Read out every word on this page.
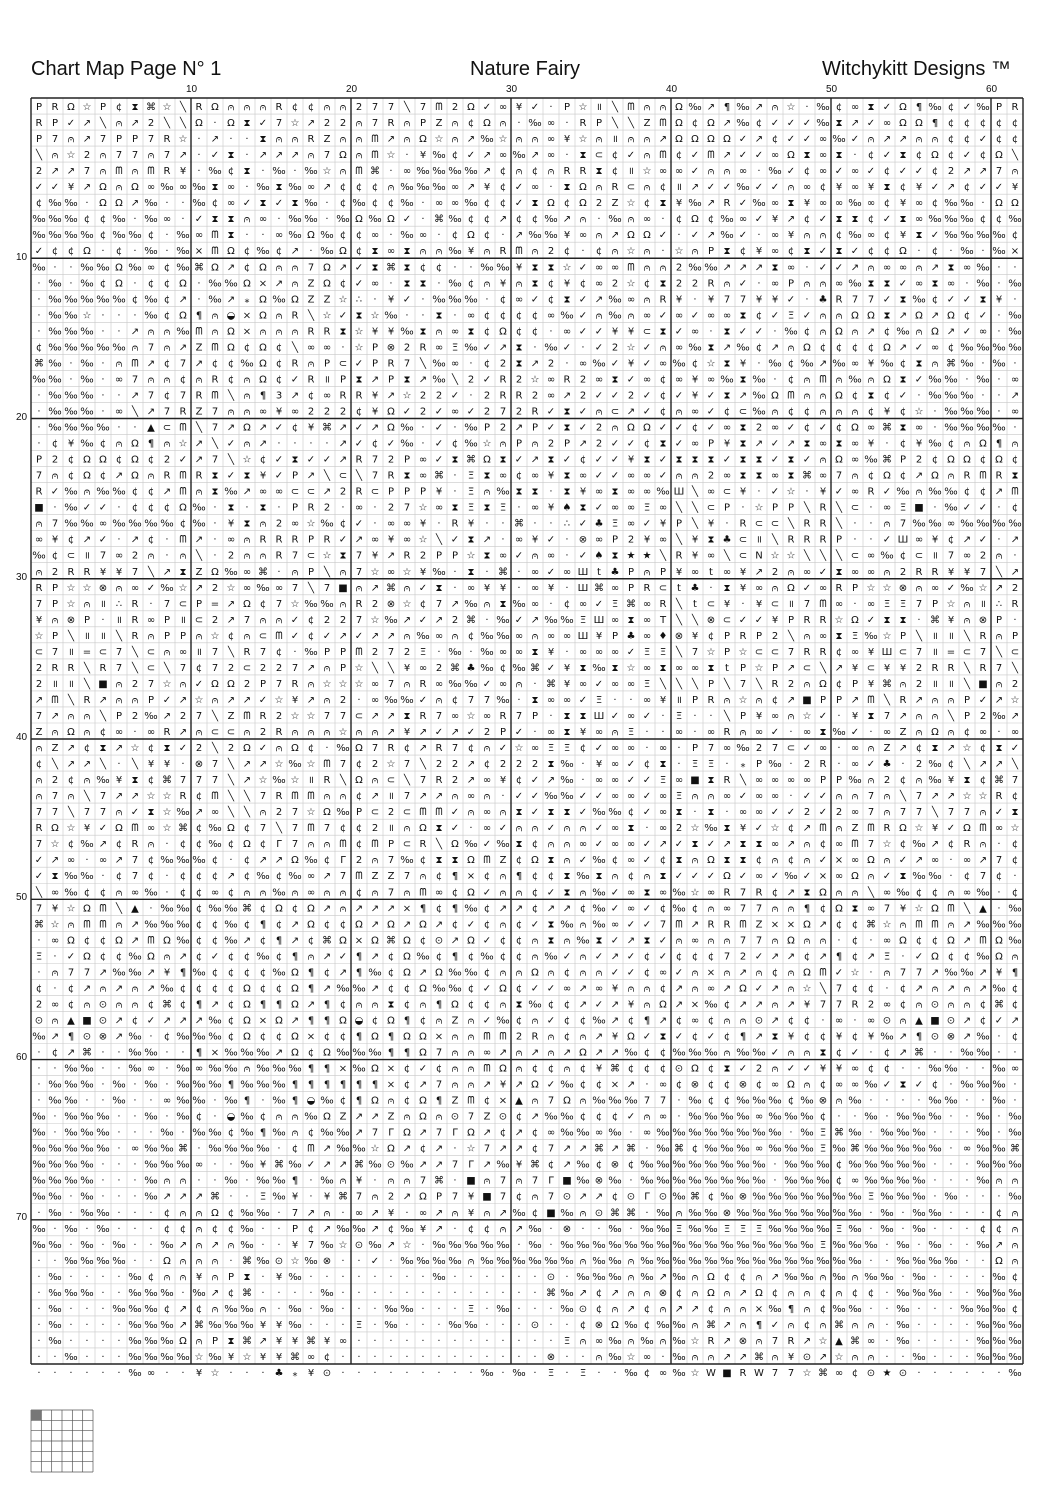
Chart Map Page N° 1	Nature Fairy	Witchykitt Designs ™
10	20	30	40	50	60
10
20
30
40
50
60
70
P R Ω ☆ P ¢ ⧗ ⌘ ☆ ╲ R Ω ⩀ ⩀ ⩀ R ¢ ¢ ⩀ ⩀ 2 7 7 ╲ 7 ᗰ 2 Ω ✓ ∞ ¥ ✓ · P ☆ ॥ ╲ ᗰ ⩀ ⩀ Ω ‰ ↗ ¶ ‰ ↗ ⩀ ☆ · ‰ ¢ ∞ ⧗ ✓ Ω ¶ ‰ ¢ ✓ ‰ P R
R P ✓ ↗ ╲ ⩀ ↗ 2 ╲ ╲ Ω · Ω ⧗ ✓ 7 ☆ ↗ 2 2 ⩀ 7 R ⩀ P Z ⩀ ¢ Ω ⩀ · ‰ ∞ · R P ╲ ╲ Z ᗰ Ω ¢ Ω ↗ ‰ ¢ ✓ ✓ ✓ ‰ ⧗ ↗ ✓ ∞ Ω Ω ¶ ¢ ¢ ¢ ¢ ¢
P 7 ⩀ ↗ 7 P P 7 R ☆ · ↗ · · ⧗ ⩀ ⩀ R Z ⩀ ⩀ ᗰ ↗ ⩀ Ω ☆ ⩀ ↗ ‰ ☆ ⩀ ⩀ ∞ ¥ ☆ ⩀ ॥ ⩀ ⩀ ↗ Ω Ω Ω Ω ✓ ↗ ¢ ✓ ✓ ∞ ‰ ✓ ⩀ ↗ ↗ ⩀ ⩀ ¢ ¢ ✓ ¢ ¢
╲ ⩀ ☆ 2 ⩀ 7 7 ⩀ 7 ↗ · ✓ ⧗ · ↗ ↗ ↗ ⩀ 7 Ω ⩀ ᗰ ☆ · ¥ ‰ ¢ ✓ ↗ ∞ ‰ ↗ ∞ · ⧗ ⊂ ¢ ✓ ⩀ ᗰ ¢ ✓ ᗰ ↗ ✓ ✓ ∞ Ω ⧗ ∞ ⧗ · ¢ ✓ ⧗ ¢ Ω ¢ ✓ ¢ Ω ╲
2 ↗ ↗ 7 ⩀ ᗰ ⩀ ᗰ R ¥ · ‰ ¢ ⧗ · ‰ · ‰ ☆ ⩀ ᗰ ⌘ · ∞ ‰ ‰ ‰ ‰ ↗ ¢ ⩀ ¢ ⩀ R R ⧗ ¢ ॥ ☆ ∞ ∞ ✓ ⩀ ⩀ ∞ · ‰ ✓ ¢ ∞ ✓ ∞ ✓ ¢ ✓ ✓ ¢ 2 ↗ ↗ 7 ⩀
✓ ✓ ¥ ↗ Ω ⩀ Ω ∞ ‰ ∞ ‰ ⧗ ∞ · ‰ ⧗ ‰ ∞ ↗ ¢ ¢ ¢ ⩀ ‰ ‰ ‰ ∞ ↗ ¥ ¢ ✓ ∞ · ⧗ Ω ⩀ R ⊂ ⩀ ¢ ॥ ↗ ✓ ✓ ‰ ✓ ✓ ⩀ ∞ ¢ ¥ ∞ ¥ ⧗ ¢ ¥ ✓ ↗ ¢ ✓ ✓ ¥
¢ ‰ ‰ · Ω Ω ↗ ‰ · · ‰ ¢ ∞ ✓ ⧗ ✓ ⧗ ‰ · ¢ ‰ ¢ ¢ ‰ · ∞ ∞ ‰ ¢ ¢ ✓ ⧗ Ω ¢ Ω 2 Z ☆ ¢ ⧗ ¥ ‰ ↗ R ✓ ‰ ∞ ⧗ ¥ ∞ ∞ ‰ ∞ ¢ ¥ ∞ ¢ ‰ ‰ · Ω Ω
‰ ‰ ‰ ¢ ¢ ‰ · ‰ ∞ · ✓ ⧗ ⧗ ⩀ ∞ · ‰ ‰ · ‰ Ω ‰ Ω ✓ · ⌘ ‰ ¢ ¢ ↗ ¢ ¢ ‰ ↗ ⩀ · ‰ ⩀ ∞ · ¢ Ω ¢ ‰ ∞ ✓ ¥ ↗ ¢ ✓ ⧗ ⧗ ¢ ✓ ⧗ ∞ ‰ ‰ ‰ ¢ ¢ ‰
‰ ‰ ‰ ‰ ¢ ‰ ‰ ¢ · ‰ ∞ ᗰ ⧗ · · ∞ ‰ Ω ‰ ¢ ¢ ∞ · ‰ ∞ · ¢ Ω ¢ · ↗ ‰ ‰ ¥ ∞ ⩀ ↗ Ω Ω ✓ · ✓ ↗ ‰ ✓ · ∞ ¥ ⩀ ⩀ ¢ ‰ ∞ ¢ ¥ ⧗ ✓ ‰ ‰ ‰ ‰ ¢
✓ ¢ ¢ Ω · ¢ · ‰ · ‰ × ᗰ Ω ¢ ‰ ¢ ↗ · ‰ Ω ¢ ⧗ ∞ ⧗ ⩀ ⩀ ‰ ¥ ⩀ R ᗰ ⩀ 2 ¢ · ¢ ⩀ ☆ ⩀ · ☆ ⩀ P ⧗ ¢ ¥ ∞ ¢ ⧗ ✓ ⧗ ✓ ¢ ¢ Ω · ¢ · ‰ · ‰ ×
‰ · · ‰ ‰ Ω ‰ ∞ ¢ ‰ ⌘ Ω ↗ ¢ Ω ⩀ ⩀ 7 Ω ↗ ✓ ⧗ ⌘ ⧗ ¢ ¢ · · ‰ ‰ ¥ ⧗ ⧗ ☆ ✓ ∞ ∞ ᗰ ⩀ ⩀ 2 ‰ ‰ ↗ ↗ ↗ ⧗ ∞ · ✓ ✓ ↗ ⩀ ∞ ∞ ⩀ ↗ ⧗ ∞ ‰ · ·
· ‰ · ‰ ¢ Ω · ¢ ¢ Ω · ‰ ‰ Ω × ↗ ⩀ Z Ω ¢ ✓ ∞ · ⧗ ⧗ · ‰ ¢ ⩀ ¥ ⩀ ⧗ ¢ ¥ ¢ ∞ 2 ☆ ¢ ⧗ 2 2 R ⩀ ✓ · ∞ P ⩀ ⩀ ∞ ‰ ⧗ ⧗ ✓ ∞ ⧗ ∞ · ‰ · ‰
· ‰ ‰ ‰ ‰ ‰ ¢ ‰ ¢ ↗ · ‰ ↗ ⁎ Ω ‰ Ω Z Z ☆ ∴ · ¥ ✓ · ‰ ‰ ‰ · ¢ ∞ ✓ ¢ ⧗ ✓ ↗ ‰ ∞ ⩀ R ¥ · ¥ 7 7 ¥ ¥ ✓ · ♣ R 7 7 ✓ ⧗ ‰ ¢ ✓ ✓ ⧗ ¥ ·
· ‰ ‰ ☆ · · · ‰ ¢ Ω ¶ ⩀ ◒ × Ω ⩀ R ╲ ☆ ✓ ⧗ ☆ ‰ · · ⧗ · ∞ ¢ ¢ ¢ ¢ ∞ ‰ ✓ ⩀ ‰ ⩀ ∞ ✓ ∞ ✓ ∞ ∞ ⧗ ¢ ✓ Ξ ✓ ⩀ ⩀ Ω Ω ⧗ ↗ Ω ↗ Ω ¢ ✓ · ‰
· ‰ ‰ ‰ · · ↗ ⩀ ⩀ ‰ ᗰ ⩀ Ω × ⩀ ⩀ ⩀ R R ⧗ ☆ ¥ ¥ ‰ ⧗ ⩀ ∞ ⧗ ¢ Ω ¢ ¢ · ∞ ✓ ✓ ¥ ¥ ⊂ ⧗ ✓ ∞ · ⧗ ✓ ✓ · ‰ ¢ ⩀ Ω ⩀ ↗ ¢ ‰ ⩀ Ω ↗ ✓ ∞ · ‰
¢ ‰ ‰ ‰ ‰ ‰ ⩀ 7 ⩀ ↗ Z ᗰ Ω ¢ Ω ¢ ╲ ∞ ∞ · ☆ P ⊗ 2 R ∞ Ξ ‰ ✓ ↗ ⧗ · ‰ ✓ · ✓ 2 ☆ ✓ ⩀ ∞ ‰ ⧗ ↗ ‰ ¢ ↗ ⩀ Ω ¢ ¢ ¢ ¢ Ω ↗ ✓ ∞ ¢ ‰ ‰ ‰ ‰
⌘ ‰ · ‰ · ⩀ ᗰ ↗ ¢ 7 ↗ ¢ ¢ ‰ Ω ¢ R ⩀ P ⊂ ✓ P R 7 ╲ ‰ ∞ · ¢ 2 ⧗ ↗ 2 · ∞ ‰ ✓ ¥ ✓ ∞ ‰ ¢ ☆ ⧗ ¥ · ‰ ¢ ‰ ↗ ‰ ∞ ¥ ‰ ¢ ⧗ ⩀ ⌘ ‰ · ‰ ·
‰ ‰ · ‰ · ∞ 7 ⩀ ⩀ ¢ ⩀ R ¢ ⩀ Ω ¢ ✓ R ॥ P ⧗ ↗ P ⧗ ↗ ‰ ╲ 2 ✓ R 2 ☆ ∞ R 2 ∞ ⧗ ✓ ∞ ¢ ∞ ¥ ∞ ‰ ⧗ ‰ · ¢ ⩀ ᗰ ⩀ ‰ ⩀ Ω ⧗ ✓ ‰ ‰ · ‰ · ∞
· ‰ ‰ ‰ · · ↗ 7 ¢ 7 R ᗰ ╲ ⩀ ¶ 3 ↗ ¢ ∞ R R ¥ ↗ ☆ 2 2 ✓ · 2 R R 2 ∞ ↗ 2 ✓ ✓ 2 ✓ ¢ ✓ ¥ ✓ ⧗ ↗ ‰ Ω ᗰ ⩀ ⩀ Ω ¢ ⧗ ¢ ✓ · ‰ ‰ ‰ · · ↗
· ‰ ‰ ‰ · ∞ ╲ ↗ 7 R Z 7 ⩀ ⩀ ∞ ¥ ∞ 2 2 2 ¢ ¥ Ω ✓ 2 ✓ ∞ ✓ 2 7 2 R ✓ ⧗ ✓ ⩀ ⊂ ↗ ✓ ¢ ⩀ ∞ ✓ ¢ ⊂ ‰ ⩀ ¢ ¢ ⩀ ⩀ ⩀ ¢ ¥ ¢ ☆ · ‰ ‰ ‰ · ∞
· ‰ ‰ ‰ ‰ · · ▲ ⊂ ᗰ ╲ 7 ↗ Ω ↗ ✓ ¢ ¥ ⌘ ↗ ✓ ↗ Ω ‰ · ✓ · ‰ P 2 ↗ P ✓ ⧗ ✓ 2 ⩀ Ω Ω ✓ ✓ ¢ ✓ ∞ ⧗ 2 ∞ ✓ ¢ ✓ ¢ Ω ∞ ⌘ ⧗ ∞ · ‰ ‰ ‰ ‰ ·
· ¢ ¥ ‰ ¢ ⩀ Ω ¶ ⩀ ☆ ↗ ╲ ✓ ⩀ ↗ · · · · ↗ ✓ ¢ ✓ ‰ · ✓ ¢ ‰ ☆ ⩀ P ⩀ 2 P ↗ 2 ✓ ✓ ¢ ⧗ ✓ ∞ P ¥ ⧗ ↗ ✓ ↗ ⧗ ∞ ⧗ ∞ ¥ · ¢ ¥ ‰ ¢ ⩀ Ω ¶ ⩀
P 2 ¢ Ω Ω ¢ Ω ¢ 2 ✓ ↗ 7 ╲ ☆ ¢ ✓ ⧗ ✓ ✓ ↗ R 7 2 P ∞ ✓ ⧗ ⌘ Ω ⧗ ✓ ↗ ⧗ ✓ ¢ ✓ ✓ ¥ ⧗ ✓ ⧗ ⧗ ⧗ ✓ ⧗ ⧗ ✓ ⧗ ✓ ⩀ Ω ∞ ‰ ⌘ P 2 ¢ Ω Ω ¢ Ω ¢
7 ⩀ ¢ Ω ¢ ↗ Ω ⩀ R ᗰ R ⧗ ✓ ⧗ ¥ ✓ P ↗ ╲ ⊂ ╲ 7 R ⧗ ∞ ⌘ · Ξ ⧗ ∞ ¢ ∞ ¥ ⧗ ∞ ✓ ✓ ∞ ∞ ✓ ⩀ ⩀ 2 ∞ ⧗ ⧗ ∞ ⧗ ⌘ ∞ 7 ⩀ ¢ Ω ¢ ↗ Ω ⩀ R ᗰ R ⧗
R ✓ ‰ ⩀ ‰ ‰ ¢ ¢ ↗ ᗰ ⩀ ⧗ ‰ ↗ ∞ ∞ ⊂ ⊂ ↗ 2 R ⊂ P P P ¥ · Ξ ⩀ ‰ ⧗ ⧗ · ⧗ ¥ ∞ ⧗ ∞ ∞ ‰ Ш ╲ ∞ ⊂ ¥ · ✓ ☆ · ¥ ✓ ∞ R ✓ ‰ ⩀ ‰ ‰ ¢ ¢ ↗ ᗰ
■ · ‰ ✓ ✓ · ¢ ¢ ¢ Ω ‰ · ⧗ · ⧗ · P R 2 · ∞ · 2 7 ☆ ∞ ⧗ Ξ ⧗ Ξ · ∞ ¥ ♠ ⧗ ✓ ∞ ∞ Ξ ∞ ╲ ╲ ⊂ P · ☆ P P ╲ R ╲ ⊂ · ∞ Ξ ■ · ‰ ✓ ✓ · ¢
⩀ 7 ‰ ‰ ∞ ‰ ‰ ‰ ‰ ¢ ‰ · ¥ ⧗ ⩀ 2 ∞ ☆ ‰ ¢ ✓ · ∞ ∞ ¥ · R ¥ · · ⌘ · · ∴ ✓ ♣ Ξ ∞ ✓ ¥ P ╲ ¥ · R ⊂ ⊂ ╲ R R ╲ · · ⩀ 7 ‰ ‰ ∞ ‰ ‰ ‰ ‰
∞ ¥ ¢ ↗ ✓ · ↗ ¢ · ᗰ ↗ · ∞ ⩀ R R R P R ✓ ↗ ∞ ¥ ∞ ☆ ╲ ✓ ⧗ ↗ · ∞ ¥ ✓ · ⊗ ∞ P 2 ¥ ∞ ╲ ¥ ⧗ ♣ ⊂ ॥ ╲ R R R P · · ✓ Ш ∞ ¥ ¢ ↗ ✓ · ↗
‰ ¢ ⊂ ॥ 7 ∞ 2 ⩀ · ⩀ ╲ · 2 ⩀ ⩀ R 7 ⊂ ☆ ⧗ 7 ¥ ↗ R 2 P P ☆ ⧗ ∞ ✓ ⩀ ∞ · ✓ ♠ ⧗ ★ ★ ╲ R ¥ ∞ ╲ ⊂ N ☆ ☆ ╲ ╲ ╲ ⊂ ∞ ‰ ¢ ⊂ ॥ 7 ∞ 2 ⩀ ·
⩀ 2 R R ¥ ¥ 7 ╲ ↗ ⧗ Z Ω ‰ ∞ ⌘ · ⩀ P ╲ ⩀ 7 ☆ ∞ ☆ ¥ ‰ · ⧗ · ⌘ · ∞ ✓ ∞ Ш t ♣ P ⩀ P ¥ ∞ t ∞ ¥ ↗ 2 ⩀ ∞ ✓ ⧗ ∞ ∞ ⩀ 2 R R ¥ ¥ 7 ╲ ↗
R P ☆ ☆ ⊗ ⩀ ∞ ✓ ‰ ☆ ↗ 2 ☆ ∞ ‰ ∞ 7 ╲ 7 ■ ⩀ ↗ ⌘ ⩀ ✓ ⧗ · ∞ ¥ ¥ · ∞ ¥ · Ш ⌘ ∞ P R ⊂ t ♣ · ⧗ ¥ ∞ ⩀ Ω ✓ ∞ R P ☆ ☆ ⊗ ⩀ ∞ ✓ ‰ ☆ ↗ 2
7 P ☆ ⩀ ॥ ∴ R · 7 ⊂ P = ↗ Ω ¢ 7 ☆ ‰ ‰ ⩀ R 2 ⊗ ☆ ¢ 7 ↗ ‰ ⩀ ⧗ ‰ ∞ · ¢ ∞ ✓ Ξ ⌘ ∞ R ╲ t ⊂ ¥ · ¥ ⊂ ॥ 7 ᗰ ∞ · ∞ Ξ Ξ 7 P ☆ ⩀ ॥ ∴ R
¥ ⩀ ⊗ P · ॥ R ∞ P ॥ ⊂ 2 ↗ 7 ⩀ ⩀ ✓ ¢ 2 2 7 ☆ ‰ ↗ ✓ ↗ 2 ⌘ · ‰ ✓ ↗ ‰ ‰ Ξ Ш ∞ ⧗ ∞ T ╲ ╲ ⊗ ⊂ ✓ ✓ ¥ P R R ☆ Ω ✓ ⧗ ⧗ · ⌘ ¥ ⩀ ⊗ P ·
☆ P ╲ ॥ ॥ ╲ R ⩀ P P ⩀ ☆ ¢ ⩀ ⊂ ᗰ ✓ ¢ ✓ ↗ ✓ ↗ ↗ ⩀ ‰ ∞ ⩀ ¢ ‰ ‰ ∞ ⩀ ∞ ∞ Ш ¥ P ♣ ∞ ♦ ⊗ ¥ ¢ P R P 2 ╲ ⩀ ∞ ⧗ Ξ ‰ ☆ P ╲ ॥ ॥ ╲ R ⩀ P
⊂ 7 ॥ = ⊂ 7 ╲ ⊂ ⩀ ∞ ॥ 7 ╲ R 7 ¢ · ‰ P P ᗰ 2 7 2 Ξ · ‰ · ‰ ∞ ∞ ⧗ ¥ · ∞ ∞ ∞ ✓ Ξ Ξ ╲ 7 ☆ P ☆ ⊂ ⊂ 7 R R ¢ ∞ ¥ Ш ⊂ 7 ॥ = ⊂ 7 ╲ ⊂
2 R R ╲ R 7 ╲ ⊂ ╲ 7 ¢ 7 2 ⊂ 2 2 7 ↗ ⩀ P ☆ ╲ ╲ ¥ ∞ 2 ⌘ ♣ ‰ ¢ ‰ ⌘ ✓ ¥ ⧗ ‰ ⧗ ☆ ∞ ⧗ ∞ ∞ ⧗ t P ☆ P ↗ ⊂ ╲ ↗ ¥ ⊂ ¥ ¥ 2 R R ╲ R 7 ╲
2 ॥ ॥ ╲ ■ ⩀ 2 7 ☆ ⩀ ✓ Ω Ω 2 P 7 R ⩀ ☆ ☆ ☆ ∞ 7 ⩀ R ∞ ‰ ‰ ✓ ∞ ⩀ · ⌘ ¥ ∞ ✓ ∞ ∞ Ξ ╲ ╲ ╲ P ╲ 7 ╲ R 2 ⩀ Ω ¢ P ¥ ⌘ ⩀ 2 ॥ ॥ ╲ ■ ⩀ 2
↗ ᗰ ╲ R ↗ ⩀ ⩀ P ✓ ↗ ☆ ⩀ ↗ ↗ ✓ ☆ ¥ ↗ ⩀ 2 · ∞ ‰ ‰ ✓ ⩀ ¢ 7 7 ‰ · ⧗ ∞ ∞ ✓ Ξ · · ∞ ¥ ॥ P R ⩀ ☆ ⩀ ¢ ↗ ■ P P ↗ ᗰ ╲ R ↗ ⩀ ⩀ P ✓ ↗ ☆
7 ↗ ⩀ ⩀ ╲ P 2 ‰ ↗ 2 7 ╲ Z ᗰ R 2 ☆ ☆ 7 7 ⊂ ↗ ↗ ⧗ R 7 ∞ ☆ ∞ R 7 P · ⧗ ⧗ Ш ✓ ∞ ✓ · Ξ · · ╲ P ¥ ∞ ⩀ ☆ ✓ · ¥ ⧗ 7 ↗ ⩀ ⩀ ╲ P 2 ‰ ↗
Z ⩀ Ω ⩀ ¢ ∞ · ∞ R ↗ ⩀ ⊂ ⊂ ⩀ 2 R ⩀ ⩀ ⩀ ☆ ⩀ ⩀ ↗ ¥ ↗ ✓ ↗ ✓ 2 P ✓ · ∞ ⧗ ¥ ∞ ⩀ Ξ · · ∞ · ∞ R ⩀ ∞ ✓ · ∞ ⧗ ‰ ✓ · ∞ Z ⩀ Ω ⩀ ¢ ∞ · ∞
⩀ Z ↗ ¢ ⧗ ↗ ☆ ¢ ⧗ ✓ 2 ╲ 2 Ω ✓ ⩀ Ω ¢ · ‰ Ω 7 R ¢ ↗ R 7 ¢ ⩀ ✓ ☆ ∞ Ξ Ξ ¢ ✓ ∞ ∞ · ∞ · P 7 ∞ ‰ 2 7 ⊂ ✓ ∞ · ∞ ⩀ Z ↗ ¢ ⧗ ↗ ☆ ¢ ⧗ ✓
¢ ╲ ↗ ↗ ╲ · ╲ ¥ ¥ · ⊗ 7 ╲ ↗ ↗ ☆ ‰ ☆ ᗰ 7 ¢ 2 ☆ 7 ╲ 2 2 ↗ ¢ 2 2 2 ⧗ ‰ · ¥ ∞ ✓ ¢ ⧗ · Ξ Ξ · ⁎ P ‰ · 2 R · ∞ ✓ ♣ · 2 ‰ ¢ ╲ ↗ ↗ ╲
⩀ 2 ¢ ⩀ ‰ ¥ ⧗ ¢ ⌘ 7 7 7 ╲ ↗ ☆ ‰ ☆ ॥ R ╲ Ω ⩀ ⊂ ╲ 7 R 2 ↗ ∞ ¥ ¢ ✓ ↗ ‰ · ∞ ∞ ✓ ✓ Ξ ∞ ■ ⧗ R ╲ ∞ ∞ ∞ ∞ P P ‰ ⩀ 2 ¢ ⩀ ‰ ¥ ⧗ ¢ ⌘ 7
⩀ 7 ⩀ ╲ 7 ↗ ↗ ☆ ☆ R ¢ ᗰ ╲ ╲ 7 R ᗰ ᗰ ⩀ ⩀ ¢ ↗ ॥ 7 ↗ ↗ ⩀ ∞ ⩀ · ✓ ✓ ‰ ‰ ✓ ✓ ∞ ∞ ✓ ∞ Ξ ⩀ ⩀ ∞ ✓ ∞ ∞ · ✓ ✓ ⩀ ⩀ 7 ⩀ ╲ 7 ↗ ↗ ☆ ☆ R ¢
7 7 ╲ 7 7 ⩀ ✓ ⧗ ☆ ‰ ↗ ∞ ╲ ╲ ⩀ 2 7 ☆ Ω ‰ P ⊂ 2 ⊂ ᗰ ᗰ ✓ ⩀ ∞ ⩀ ⧗ ✓ ⧗ ⧗ ✓ ‰ ‰ ¢ ✓ ∞ ⧗ · ⧗ · ∞ ∞ ✓ ✓ 2 ✓ 2 ∞ 7 ⩀ 7 7 ╲ 7 7 ⩀ ✓ ⧗
R Ω ☆ ¥ ✓ Ω ᗰ ∞ ☆ ⌘ ¢ ‰ Ω ¢ 7 ╲ 7 ᗰ 7 ¢ ¢ 2 ॥ ⩀ Ω ⧗ ✓ · ∞ ✓ ⩀ ⩀ ✓ ⩀ ⩀ ✓ ∞ ⧗ · ∞ 2 ☆ ‰ ⧗ ¥ ✓ ☆ ¢ ↗ ᗰ ⩀ Z ᗰ R Ω ☆ ¥ ✓ Ω ᗰ ∞ ☆
7 ☆ ¢ ‰ ↗ ¢ R ⩀ · ¢ ¢ ‰ ¢ Ω ¢ Γ 7 ⩀ ⩀ ᗰ ¢ ᗰ P ⊂ R ╲ Ω ‰ ✓ ‰ ⧗ ¢ ⩀ ⩀ ∞ ✓ ∞ ∞ ✓ ↗ ✓ ⧗ ✓ ↗ ⧗ ⧗ ∞ ↗ ⩀ ¢ ∞ ᗰ 7 ☆ ¢ ‰ ↗ ¢ R ⩀ · ¢
✓ ↗ ∞ · ∞ ↗ 7 ¢ ‰ ‰ ‰ ¢ · ¢ ↗ ↗ Ω ‰ ¢ Γ 2 ⩀ 7 ‰ ¢ ⧗ ⧗ Ω ᗰ Z ¢ Ω ⧗ ⩀ ✓ ‰ ¢ ∞ ✓ ¢ ⧗ ⩀ Ω ⧗ ⧗ ¢ ⩀ ¢ ⩀ ✓ × ∞ Ω ⩀ ✓ ↗ ∞ · ∞ ↗ 7 ¢
✓ ⧗ ‰ ‰ · ¢ 7 ¢ · ¢ ¢ ¢ ↗ ¢ ‰ ¢ ‰ ∞ ↗ 7 ᗰ Z Z 7 ⩀ ¢ ¶ × ¢ ⩀ ¶ ¢ ¢ ⧗ ‰ ⧗ ⩀ ¢ ⩀ ⧗ ✓ ✓ ✓ Ω ✓ ∞ ✓ ‰ ✓ × ∞ Ω ⩀ ✓ ⧗ ‰ ‰ · ¢ 7 ¢ ·
╲ ∞ ‰ ¢ ¢ ⩀ ∞ ‰ · ¢ ¢ ∞ ¢ ⩀ ⩀ ‰ ⩀ ∞ ⩀ ⩀ ¢ ⩀ 7 ⩀ ᗰ ∞ ¢ Ω ✓ ⩀ ⩀ ¢ ✓ ⧗ ⩀ ‰ ✓ ∞ ⧗ ∞ ‰ ☆ ∞ R 7 R ¢ ↗ ⧗ Ω ⩀ ⩀ ╲ ∞ ‰ ¢ ¢ ⩀ ∞ ‰ · ¢
7 ¥ ☆ Ω ᗰ ╲ ▲ · ‰ ‰ ¢ ‰ ‰ ⌘ ¢ Ω ¢ Ω ↗ ⩀ ↗ ↗ ↗ × ¶ ¢ ¶ ‰ ¢ ↗ ↗ ¢ ↗ ↗ ¢ ‰ ✓ ∞ ✓ ¢ ‰ ¢ ⩀ ∞ 7 7 ⩀ ⩀ ¶ ¢ Ω ⧗ ∞ 7 ¥ ☆ Ω ᗰ ╲ ▲ · ‰
⌘ ☆ ⩀ ᗰ ᗰ ⩀ ↗ ‰ ‰ ‰ ¢ ¢ ‰ ¢ ¶ ¢ ↗ Ω ¢ ¢ Ω ↗ Ω ↗ Ω ↗ ¢ ✓ ¢ ⩀ ¢ ✓ ⧗ ‰ ⩀ ‰ ∞ ✓ ✓ 7 ᗰ ↗ R R ᗰ Z × × Ω ↗ ¢ ¢ ⌘ ☆ ⩀ ᗰ ᗰ ⩀ ↗ ‰ ‰ ‰
· ∞ Ω ¢ ¢ Ω ↗ ᗰ Ω ‰ ¢ ¢ ‰ ↗ ¢ ¶ ↗ ¢ ⌘ Ω × Ω ⌘ Ω ¢ ⊙ ↗ Ω ✓ ¢ ¢ ⩀ ⧗ ⩀ ‰ ⧗ ✓ ↗ ⧗ ✓ ⩀ ∞ ⩀ ⩀ 7 7 ⩀ Ω ⩀ ⩀ · ¢ · ∞ Ω ¢ ¢ Ω ↗ ᗰ Ω ‰
Ξ · ✓ Ω ¢ ¢ ‰ Ω ⩀ ↗ ¢ ✓ ¢ ¢ ‰ ¢ ¶ ⩀ ↗ ✓ ¶ ↗ ¢ Ω ‰ ¢ ¶ ¢ ‰ ¢ ¢ ⩀ ‰ ✓ ⩀ ✓ ↗ ✓ ¢ ✓ ¢ ¢ ¢ 7 2 ✓ ↗ ↗ ¢ ↗ ¶ ¢ ↗ Ξ · ✓ Ω ¢ ¢ ‰ Ω ⩀
· ⩀ 7 7 ↗ ‰ ‰ ↗ ¥ ¶ ‰ ¢ ¢ ¢ ¢ ‰ Ω ¶ ¢ ↗ ¶ ‰ ¢ Ω ↗ Ω ‰ ‰ ¢ ⩀ ⩀ Ω ⩀ ¢ ⩀ ⩀ ✓ ✓ ¢ ∞ ✓ ⩀ × ⩀ ↗ ⩀ ¢ ⩀ Ω ᗰ ✓ ☆ · ⩀ 7 7 ↗ ‰ ‰ ↗ ¥ ¶
¢ · ¢ ↗ ⩀ ↗ ⩀ ↗ ‰ ¢ ¢ ¢ ¢ Ω ¢ ¢ Ω ¶ ↗ ‰ ‰ ↗ ¢ ¢ Ω ‰ ‰ ¢ ✓ Ω ¢ ✓ ✓ ∞ ↗ ∞ ¥ ⩀ ⩀ ¢ ↗ ⩀ ∞ ↗ Ω ✓ ↗ ⩀ ☆ ╲ 7 ¢ ¢ · ¢ ↗ ⩀ ↗ ⩀ ↗ ‰ ¢
2 ∞ ¢ ⩀ ⊙ ⩀ ⩀ ¢ ⌘ ¢ ¶ ↗ ¢ Ω ¶ ¶ Ω ↗ ¶ ¢ ⩀ ⩀ ⧗ ¢ ⩀ ¶ Ω ¢ ¢ ⩀ ⧗ ‰ ¢ ¢ ↗ ✓ ↗ ¥ ⩀ Ω ↗ × ‰ ¢ ↗ ↗ ⩀ ↗ ¥ 7 7 R 2 ∞ ¢ ⩀ ⊙ ⩀ ⩀ ¢ ⌘ ¢
⊙ ⩀ ▲ ■ ⊙ ↗ ¢ ✓ ↗ ↗ ↗ ‰ ¢ Ω × Ω ↗ ¶ ¶ Ω ◒ ¢ Ω ¶ ¢ ⩀ Z ⩀ ✓ ‰ ¢ ⩀ ✓ ¢ ¢ ‰ ↗ ¢ ¶ ↗ ¢ ∞ ¢ ⩀ ⩀ ⊙ ↗ ¢ ¢ · ∞ · ∞ ⊙ ⩀ ▲ ■ ⊙ ↗ ¢ ✓ ↗
‰ ↗ ¶ ⊙ ⊗ ↗ ‰ · ¢ ‰ ‰ ‰ ¢ Ω ¢ ¢ Ω × ¢ ¢ ¶ Ω ¶ Ω Ω × ⩀ ⩀ ᗰ ᗰ 2 R ⩀ ¢ ⩀ ↗ ¥ Ω ✓ ⧗ ✓ ¢ ✓ ¢ ¶ ↗ ⧗ ¥ ¢ ¢ ¥ ¢ ¥ ‰ ↗ ¶ ⊙ ⊗ ↗ ‰ · ¢
· ¢ ↗ ⌘ · · ‰ ‰ · · ¶ × ‰ ‰ ‰ ↗ Ω ¢ Ω ‰ ‰ ‰ ¶ ¶ Ω 7 ⩀ ⩀ ∞ ↗ ⩀ ↗ ⩀ ↗ Ω ↗ ↗ ‰ ¢ ¢ ‰ ‰ ‰ ⩀ ‰ ‰ ✓ ⩀ ⩀ ⧗ ¢ ✓ · ¢ ↗ ⌘ · · ‰ ‰ · ·
· · ‰ ‰ · · ‰ ∞ · ‰ ∞ ‰ ‰ ⩀ ‰ ‰ ‰ ¶ ¶ × ‰ Ω × ¢ ✓ ¢ ⩀ ⩀ ᗰ Ω ⩀ ¢ ¢ ⩀ ¢ ¥ ⌘ ¢ ¢ ¢ ⊙ Ω ¢ ⧗ ✓ 2 ⩀ ✓ ✓ ¥ ¥ ∞ ¢ ¢ · · ‰ ‰ · · ‰ ∞
· ‰ ‰ ‰ · ‰ · ‰ · ‰ ‰ ‰ ¶ ‰ ‰ ‰ ¶ ¶ ¶ ¶ ¶ ¶ × ¢ ↗ 7 ⩀ ⩀ ↗ ¥ ↗ Ω ✓ ‰ ¢ ¢ × ↗ · ∞ ¢ ⊗ ¢ ¢ ⊗ ¢ ∞ Ω ⩀ ¢ ∞ ∞ ‰ ✓ ⧗ ✓ ¢ · ‰ ‰ ‰ ·
· ‰ ‰ · · ‰ · · ∞ ‰ ‰ · ‰ ¶ · ‰ ¶ ◒ ‰ ¢ ¶ Ω ⩀ ¢ Ω ¶ Z ᗰ ¢ × ▲ ⩀ 7 Ω ⩀ ‰ ‰ ‰ 7 7 · ‰ ¢ ¢ ‰ ‰ ‰ ¢ ‰ ⊗ ⩀ ‰ · · · · ‰ ‰ · · ‰ ·
‰ · ‰ ‰ ‰ · · ‰ · ‰ ¢ · ◒ ‰ ¢ ⩀ ⩀ ‰ Ω Z ↗ ↗ Z ⩀ Ω ⩀ ⊙ 7 Z ⊙ ¢ ↗ ‰ ‰ ¢ ¢ ¢ ✓ ⩀ ∞ · ‰ ‰ ‰ ‰ ∞ ‰ ‰ ‰ ¢ · · ‰ · ‰ ‰ ‰ · · ‰ · ‰
‰ · ‰ ‰ ‰ · · · ‰ · ‰ ‰ ¢ ‰ ¶ ‰ ⩀ ¢ ‰ ‰ ↗ 7 Γ Ω ↗ 7 Γ Ω ↗ ¢ ↗ ¢ ∞ ‰ ‰ ∞ ‰ · ∞ ‰ ‰ ‰ ‰ ‰ ‰ ‰ ‰ · ‰ Ξ ⌘ ‰ · ‰ ‰ ‰ · · · ‰ · ‰
‰ ‰ ‰ ‰ ‰ · ∞ ‰ ‰ ⌘ · ‰ ‰ ‰ ‰ · ¢ ᗰ ↗ ‰ ‰ ☆ Ω ↗ ¢ ↗ · ☆ 7 ↗ ↗ ¢ 7 ↗ ↗ ⌘ ↗ ⌘ · ‰ ⌘ ¢ ‰ ‰ ‰ ∞ ‰ ‰ ‰ Ξ ‰ ⌘ ‰ ‰ ‰ ‰ ‰ · ∞ ‰ ‰ ⌘
‰ ‰ ‰ ‰ · · · ‰ ‰ ‰ ∞ · · ‰ ¥ ⌘ ‰ ✓ ↗ ↗ ⌘ ‰ ⊙ ‰ ↗ ↗ 7 Γ ↗ ‰ ¥ ⌘ ¢ ↗ ‰ ¢ ⊗ ¢ ‰ ‰ ‰ ‰ ‰ ‰ ‰ ‰ · ‰ ‰ ‰ ¢ ‰ ‰ ‰ ‰ ‰ · · · ‰ ‰ ‰
‰ ‰ ‰ ‰ · · · ‰ ⩀ ⩀ · · ‰ · ‰ ‰ ¶ · ‰ ⩀ ¥ · ⩀ ⩀ 7 ⌘ · ■ ⩀ 7 ⩀ 7 Γ ■ ‰ ⊗ ‰ · ‰ ‰ ‰ ‰ ‰ ‰ ‰ ‰ · ‰ ‰ ‰ ¢ ∞ ‰ ‰ ‰ ‰ · · · ‰ ⩀ ⩀
‰ ‰ · ‰ · · · ‰ ↗ ↗ ↗ ⌘ · · Ξ ‰ ¥ · ¥ ⌘ 7 ⩀ 2 ↗ Ω P 7 ¥ ■ 7 ¢ ⩀ 7 ⊙ ↗ ↗ ¢ ⊙ Γ ⊙ ‰ ⌘ ¢ ‰ ⊗ ‰ ‰ ‰ ‰ ‰ ‰ ‰ Ξ ‰ ‰ ‰ · ‰ · · · ‰
· ‰ · ‰ ‰ · · · ¢ ⩀ ⩀ Ω ¢ ‰ ‰ · 7 ↗ ⩀ · ∞ ↗ ¥ · ∞ ↗ ⩀ ¥ ⩀ ↗ ‰ ¢ ■ ‰ ⩀ ⊙ ⌘ ⌘ · ‰ ⩀ ‰ ‰ ⊗ ‰ ‰ ‰ ‰ ‰ ‰ ‰ ‰ · ‰ · ‰ ‰ · · · ¢ ⩀
‰ · ‰ · ‰ · · · ¢ ¢ ⩀ ¢ ¢ ‰ · · P ¢ ↗ ‰ ‰ ↗ ¢ ‰ ¥ ↗ · ¢ ¢ ⩀ ↗ ‰ · ⊗ · · ‰ · ‰ ‰ Ξ ‰ ‰ Ξ Ξ Ξ ‰ ‰ ‰ ‰ Ξ ‰ · ‰ · ‰ · · · ¢ ¢ ⩀
‰ ‰ · ‰ · ‰ · · ‰ ↗ ⩀ ↗ ⩀ ‰ · · ¥ 7 ‰ ☆ ⊙ ‰ ↗ ☆ · ‰ ‰ ‰ ‰ ‰ · ‰ · ‰ ‰ ‰ ‰ ‰ ‰ ‰ ‰ ‰ ‰ ‰ ‰ ‰ ‰ ‰ ‰ Ξ ‰ ‰ ‰ · ‰ · ‰ · · ‰ ↗ ⩀
· · ‰ ‰ ‰ ‰ · · Ω ⩀ ⩀ ⩀ · ⌘ ‰ ⊙ ☆ ‰ ⊗ · · ✓ · ‰ ‰ ‰ ‰ ⩀ ‰ ‰ ‰ ‰ ‰ ‰ ⩀ ‰ ‰ ⩀ ‰ ‰ ‰ ‰ ‰ ‰ ‰ ‰ ‰ ‰ ‰ ‰ ‰ ‰ · · ‰ ‰ ‰ ‰ · · Ω ⩀
· ‰ · · · · ‰ ¢ ⩀ ⩀ ¥ ⩀ P ⧗ · ¥ ‰ · · · · · · · · ‰ · · · · · · ⊙ · ‰ ‰ ‰ ⩀ ‰ ↗ ‰ ⩀ Ω ¢ ¢ ⩀ ↗ ‰ ‰ ⩀ ‰ ⩀ ‰ ‰ · ‰ · · · · ‰ ¢
· ‰ ‰ ‰ · · ‰ ‰ ‰ · ‰ ↗ ¢ ⌘ · · · · ‰ · · · · · · · · · · · · · ⌘ ‰ ↗ ¢ ↗ ⩀ ⩀ ⊗ ¢ ⩀ Ω ⩀ ↗ Ω ¢ ⩀ ⩀ ¢ ⩀ ¢ ¢ · ‰ ‰ ‰ · · ‰ ‰ ‰
· ‰ · · · ‰ ‰ ‰ ¢ ↗ ¢ ⩀ ‰ ‰ ⩀ · ‰ · ‰ · · · ‰ ‰ · · · Ξ · ‰ · · · ‰ ⊙ ¢ ⩀ ↗ ¢ ⩀ ↗ ↗ ¢ ⩀ ⩀ × ‰ ¶ ⩀ ¢ ‰ ‰ · · ‰ · · · ‰ ‰ ‰ ¢
· ‰ · · · · ‰ ‰ ‰ ↗ ⌘ ‰ ‰ ‰ ¥ ¥ ‰ · · · Ξ · ‰ · · · ‰ ‰ · · · ⊙ · · ¢ ⊗ Ω ‰ ¢ ‰ ‰ ⩀ ⌘ ↗ ⩀ ¶ ✓ ⩀ ¢ ⩀ ⌘ ⩀ ⩀ · ‰ · · · · ‰ ‰ ‰
· ‰ · · · · ‰ ‰ ‰ Ω ⩀ P ⧗ ⌘ ↗ ¥ ¥ ⌘ ¥ ∞ · · · · · · · · · · · · · Ξ ⩀ ∞ ‰ ⩀ ‰ ⩀ ‰ ☆ R ↗ ⊗ ⩀ 7 R ↗ ☆ ▲ ⌘ ∞ · ‰ · · · · ‰ ‰ ‰
· · ‰ · · · ‰ ‰ ‰ ‰ ☆ ‰ ¥ ☆ ¥ ¥ ⌘ ∞ ¢ · · · · · · · · · · · · · ⊗ · · ⩀ ‰ ☆ ∞ · ‰ ⩀ ⩀ ↗ ↗ ⌘ ⩀ ¥ ⊙ ↗ ☆ ⩀ ⩀ · · ‰ · · · ‰ ‰ ‰
· · · · · · ‰ ∞ · · ¥ ☆ · · · ♣ ⁎ ¥ ⊙ · · · · · · · · · ‰ · ‰ · Ξ · Ξ · · ‰ ¢ ∞ ‰ ☆ W ■ R W 7 7 ☆ ⌘ ∞ ¢ ⊙ ★ ⊙ · · · · · · ‰
